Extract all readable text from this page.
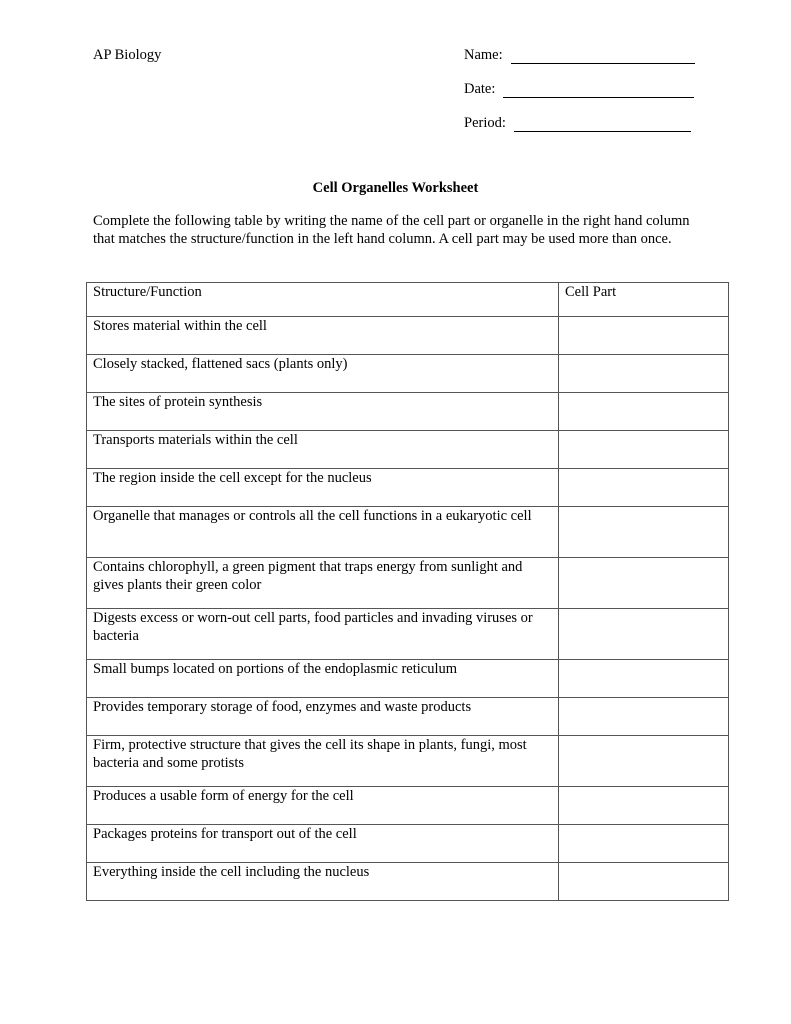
AP Biology	Name:
Date:
Period:
Cell Organelles Worksheet
Complete the following table by writing the name of the cell part or organelle in the right hand column that matches the structure/function in the left hand column. A cell part may be used more than once.
Structure/Function	Cell Part
Stores material within the cell	
Closely stacked, flattened sacs (plants only)	
The sites of protein synthesis	
Transports materials within the cell	
The region inside the cell except for the nucleus	
Organelle that manages or controls all the cell functions in a eukaryotic cell	
Contains chlorophyll, a green pigment that traps energy from sunlight and gives plants their green color	
Digests excess or worn-out cell parts, food particles and invading viruses or bacteria	
Small bumps located on portions of the endoplasmic reticulum	
Provides temporary storage of food, enzymes and waste products	
Firm, protective structure that gives the cell its shape in plants, fungi, most bacteria and some protists	
Produces a usable form of energy for the cell	
Packages proteins for transport out of the cell	
Everything inside the cell including the nucleus	
